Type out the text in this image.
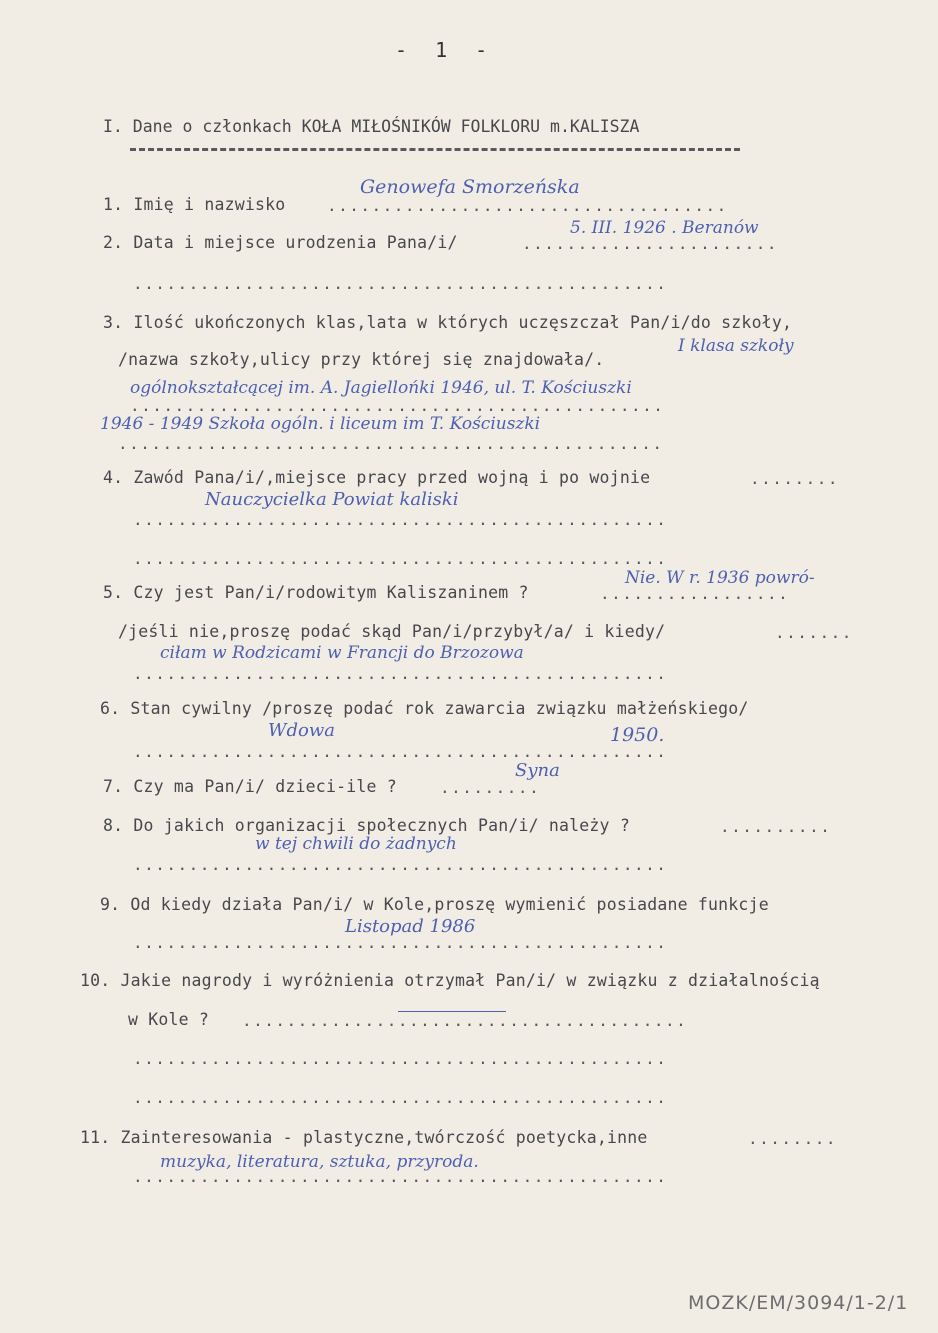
- 1 -
I. Dane o członkach KOŁA MIŁOŚNIKÓW FOLKLORU m.KALISZA
1. Imię i nazwisko	....................................
Genowefa Smorzeńska
2. Data i miejsce urodzenia Pana/i/	.......................
5. III. 1926 . Beranów
................................................
3. Ilość ukończonych klas,lata w których uczęszczał Pan/i/do szkoły,
/nazwa szkoły,ulicy przy której się znajdowała/.
I klasa szkoły
................................................
ogólnokształcącej im. A. Jagiellońki 1946, ul. T. Kościuszki
.................................................
1946 - 1949 Szkoła ogóln. i liceum im T. Kościuszki
4. Zawód Pana/i/,miejsce pracy przed wojną i po wojnie	........
Nauczycielka Powiat kaliski
................................................
................................................
5. Czy jest Pan/i/rodowitym Kaliszaninem ?	.................
Nie. W r. 1936 powró-
/jeśli nie,proszę podać skąd Pan/i/przybył/a/ i kiedy/	.......
ciłam w Rodzicami w Francji do Brzozowa
................................................
6. Stan cywilny /proszę podać rok zawarcia związku małżeńskiego/
Wdowa	1950.
................................................
7. Czy ma Pan/i/ dzieci-ile ?	.........
Syna
8. Do jakich organizacji społecznych Pan/i/ należy ?	..........
w tej chwili do żadnych
................................................
9. Od kiedy działa Pan/i/ w Kole,proszę wymienić posiadane funkcje
Listopad 1986
................................................
10. Jakie nagrody i wyróżnienia otrzymał Pan/i/ w związku z działalnością
w Kole ? ........................................
................................................
................................................
11. Zainteresowania - plastyczne,twórczość poetycka,inne	........
muzyka, literatura, sztuka, przyroda.
................................................
MOZK/EM/3094/1-2/1
